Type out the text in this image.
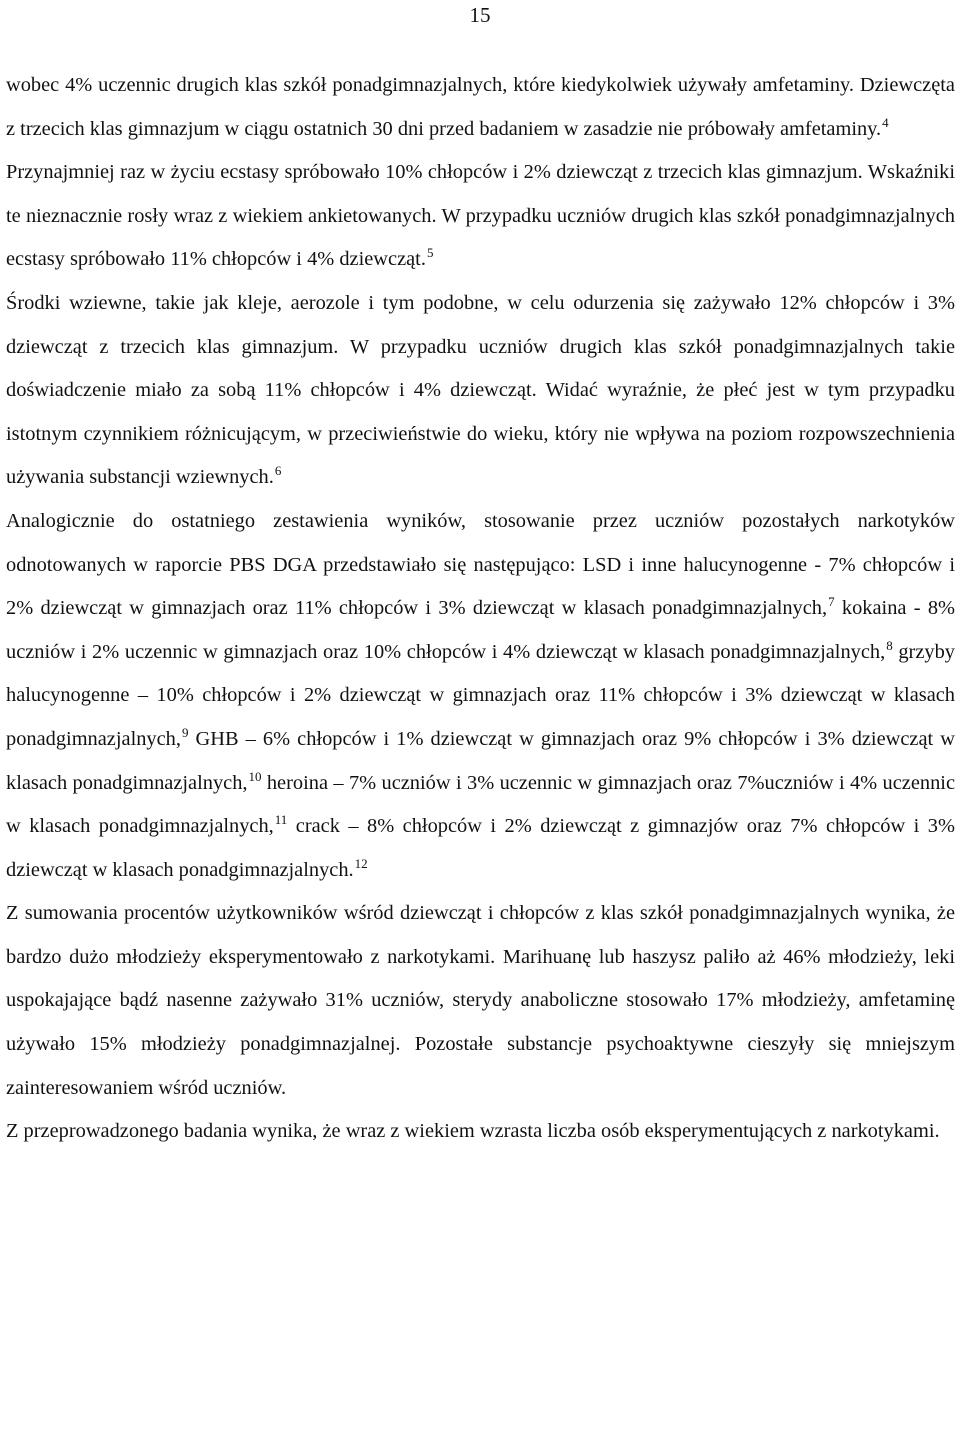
15

wobec 4% uczennic drugich klas szkół ponadgimnazjalnych, które kiedykolwiek używały amfetaminy. Dziewczęta z trzecich klas gimnazjum w ciągu ostatnich 30 dni przed badaniem w zasadzie nie próbowały amfetaminy.$^4$

Przynajmniej raz w życiu ecstasy spróbowało 10% chłopców i 2% dziewcząt z trzecich klas gimnazjum. Wskaźniki te nieznacznie rosły wraz z wiekiem ankietowanych. W przypadku uczniów drugich klas szkół ponadgimnazjalnych ecstasy spróbowało 11% chłopców i 4% dziewcząt.$^5$

Środki wziewne, takie jak kleje, aerozole i tym podobne, w celu odurzenia się zażywało 12% chłopców i 3% dziewcząt z trzecich klas gimnazjum. W przypadku uczniów drugich klas szkół ponadgimnazjalnych takie doświadczenie miało za sobą 11% chłopców i 4% dziewcząt. Widać wyraźnie, że płeć jest w tym przypadku istotnym czynnikiem różnicującym, w przeciwieństwie do wieku, który nie wpływa na poziom rozpowszechnienia używania substancji wziewnych.$^6$

Analogicznie do ostatniego zestawienia wyników, stosowanie przez uczniów pozostałych narkotyków odnotowanych w raporcie PBS DGA przedstawiało się następująco: LSD i inne halucynogenne - 7% chłopców i 2% dziewcząt w gimnazjach oraz 11% chłopców i 3% dziewcząt w klasach ponadgimnazjalnych,$^7$ kokaina - 8% uczniów i 2% uczennic w gimnazjach oraz 10% chłopców i 4% dziewcząt w klasach ponadgimnazjalnych,$^8$ grzyby halucynogenne – 10% chłopców i 2% dziewcząt w gimnazjach oraz 11% chłopców i 3% dziewcząt w klasach ponadgimnazjalnych,$^9$ GHB – 6% chłopców i 1% dziewcząt w gimnazjach oraz 9% chłopców i 3% dziewcząt w klasach ponadgimnazjalnych,$^{10}$ heroina – 7% uczniów i 3% uczennic w gimnazjach oraz 7%uczniów i 4% uczennic w klasach ponadgimnazjalnych,$^{11}$ crack – 8% chłopców i 2% dziewcząt z gimnazjów oraz 7% chłopców i 3% dziewcząt w klasach ponadgimnazjalnych.$^{12}$

Z sumowania procentów użytkowników wśród dziewcząt i chłopców z klas szkół ponadgimnazjalnych wynika, że bardzo dużo młodzieży eksperymentowało z narkotykami. Marihuanę lub haszysz paliło aż 46% młodzieży, leki uspokajające bądź nasenne zażywało 31% uczniów, sterydy anaboliczne stosowało 17% młodzieży, amfetaminę używało 15% młodzieży ponadgimnazjalnej. Pozostałe substancje psychoaktywne cieszyły się mniejszym zainteresowaniem wśród uczniów.

Z przeprowadzonego badania wynika, że wraz z wiekiem wzrasta liczba osób eksperymentujących z narkotykami.
